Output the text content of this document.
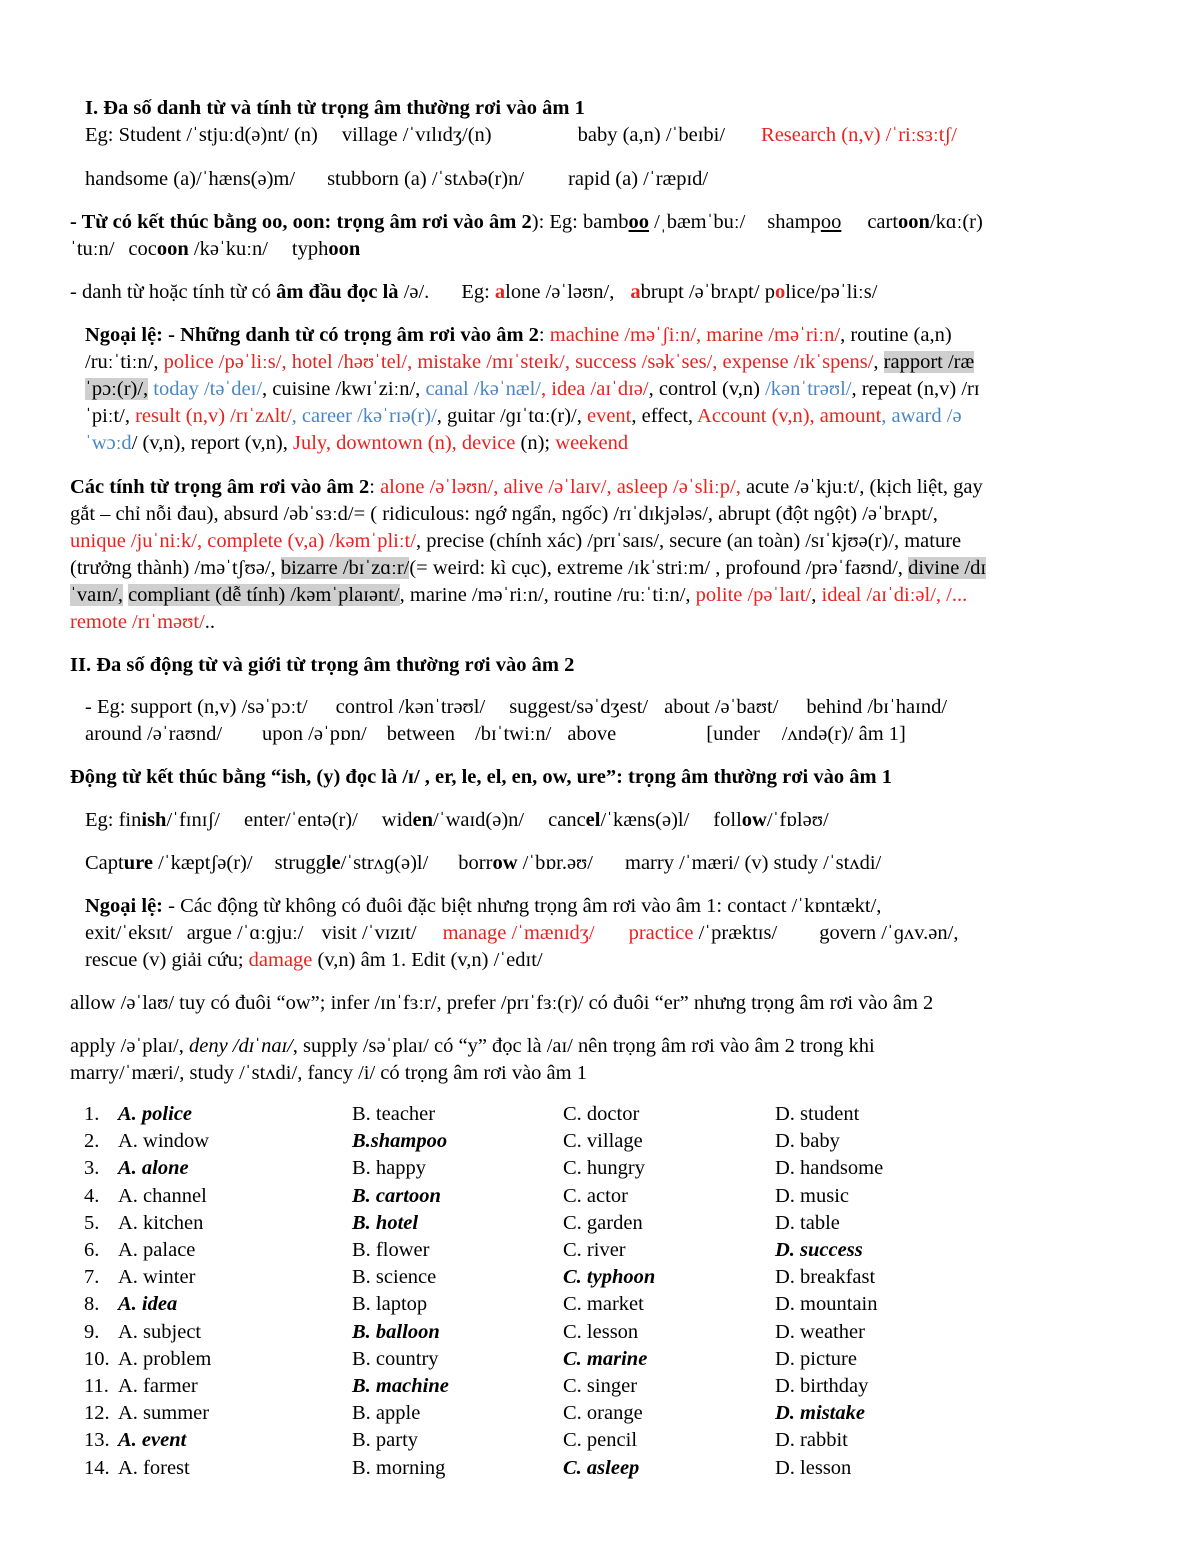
I. Đa số danh từ và tính từ trọng âm thường rơi vào âm 1
Eg: Student /ˈstjuːd(ə)nt/ (n) village /ˈvɪlɪdʒ/(n)	baby (a,n) /ˈbeɪbi/ Research (n,v) /ˈriːsɜːtʃ/
handsome (a)/ˈhæns(ə)m/ stubborn (a) /ˈstʌbə(r)n/ rapid (a) /ˈræpɪd/
- Từ có kết thúc bằng oo, oon: trọng âm rơi vào âm 2): Eg: bamboo /ˌbæmˈbuː/ shampoo cartoon/kɑː(r)
ˈtuːn/ cocoon /kəˈkuːn/ typhoon
- danh từ hoặc tính từ có âm đầu đọc là /ə/. Eg: alone /əˈləʊn/, abrupt /əˈbrʌpt/ police/pəˈliːs/
Ngoại lệ: - Những danh từ có trọng âm rơi vào âm 2: machine /məˈʃiːn/, marine /məˈriːn/, routine (a,n)
/ruːˈtiːn/, police /pəˈliːs/, hotel /həʊˈtel/, mistake /mɪˈsteɪk/, success /səkˈses/, expense /ɪkˈspens/, rapport /ræ
ˈpɔː(r)/, today /təˈdeɪ/, cuisine /kwɪˈziːn/, canal /kəˈnæl/, idea /aɪˈdɪə/, control (v,n) /kənˈtrəʊl/, repeat (n,v) /rɪ
ˈpiːt/, result (n,v) /rɪˈzʌlt/, career /kəˈrɪə(r)/, guitar /ɡɪˈtɑː(r)/, event, effect, Account (v,n), amount, award /ə
ˈwɔːd/ (v,n), report (v,n), July, downtown (n), device (n); weekend
Các tính từ trọng âm rơi vào âm 2: alone /əˈləʊn/, alive /əˈlaɪv/, asleep /əˈsliːp/, acute /əˈkjuːt/, (kịch liệt, gay
gắt – chỉ nỗi đau), absurd /əbˈsɜːd/= ( ridiculous: ngớ ngẩn, ngốc) /rɪˈdɪkjələs/, abrupt (đột ngột) /əˈbrʌpt/,
unique /juˈniːk/, complete (v,a) /kəmˈpliːt/, precise (chính xác) /prɪˈsaɪs/, secure (an toàn) /sɪˈkjʊə(r)/, mature
(trưởng thành) /məˈtʃʊə/, bizarre /bɪˈzɑːr/(= weird: kì cục), extreme /ɪkˈstriːm/ , profound /prəˈfaʊnd/, divine /dɪ
ˈvaɪn/, compliant (dễ tính) /kəmˈplaɪənt/, marine /məˈriːn/, routine /ruːˈtiːn/, polite /pəˈlaɪt/, ideal /aɪˈdiːəl/, /...
remote /rɪˈməʊt/..
II. Đa số động từ và giới từ trọng âm thường rơi vào âm 2
- Eg: support (n,v) /səˈpɔːt/ control /kənˈtrəʊl/ suggest/səˈdʒest/ about /əˈbaʊt/ behind /bɪˈhaɪnd/
around /əˈraʊnd/ upon /əˈpɒn/ between /bɪˈtwiːn/ above	[under /ʌndə(r)/ âm 1]
Động từ kết thúc bằng “ish, (y) đọc là /ɪ/ , er, le, el, en, ow, ure”: trọng âm thường rơi vào âm 1
Eg: finish/ˈfɪnɪʃ/ enter/ˈentə(r)/ widen/ˈwaɪd(ə)n/ cancel/ˈkæns(ə)l/ follow/ˈfɒləʊ/
Capture /ˈkæptʃə(r)/ struggle/ˈstrʌɡ(ə)l/ borrow /ˈbɒr.əʊ/ marry /ˈmæri/ (v) study /ˈstʌdi/
Ngoại lệ: - Các động từ không có đuôi đặc biệt nhưng trọng âm rơi vào âm 1: contact /ˈkɒntækt/,
exit/ˈeksɪt/ argue /ˈɑːɡjuː/ visit /ˈvɪzɪt/ manage /ˈmænɪdʒ/ practice /ˈpræktɪs/ govern /ˈɡʌv.ən/,
rescue (v) giải cứu; damage (v,n) âm 1. Edit (v,n) /ˈedɪt/
allow /əˈlaʊ/ tuy có đuôi “ow”; infer /ɪnˈfɜːr/, prefer /prɪˈfɜː(r)/ có đuôi “er” nhưng trọng âm rơi vào âm 2
apply /əˈplaɪ/, deny /dɪˈnaɪ/, supply /səˈplaɪ/ có “y” đọc là /aɪ/ nên trọng âm rơi vào âm 2 trong khi
marry/ˈmæri/, study /ˈstʌdi/, fancy /i/ có trọng âm rơi vào âm 1
1. A. police	B. teacher	C. doctor	D. student
2. A. window	B.shampoo	C. village	D. baby
3. A. alone	B. happy	C. hungry	D. handsome
4. A. channel	B. cartoon	C. actor	D. music
5. A. kitchen	B. hotel	C. garden	D. table
6. A. palace	B. flower	C. river	D. success
7. A. winter	B. science	C. typhoon	D. breakfast
8. A. idea	B. laptop	C. market	D. mountain
9. A. subject	B. balloon	C. lesson	D. weather
10. A. problem	B. country	C. marine	D. picture
11. A. farmer	B. machine	C. singer	D. birthday
12. A. summer	B. apple	C. orange	D. mistake
13. A. event	B. party	C. pencil	D. rabbit
14. A. forest	B. morning	C. asleep	D. lesson
